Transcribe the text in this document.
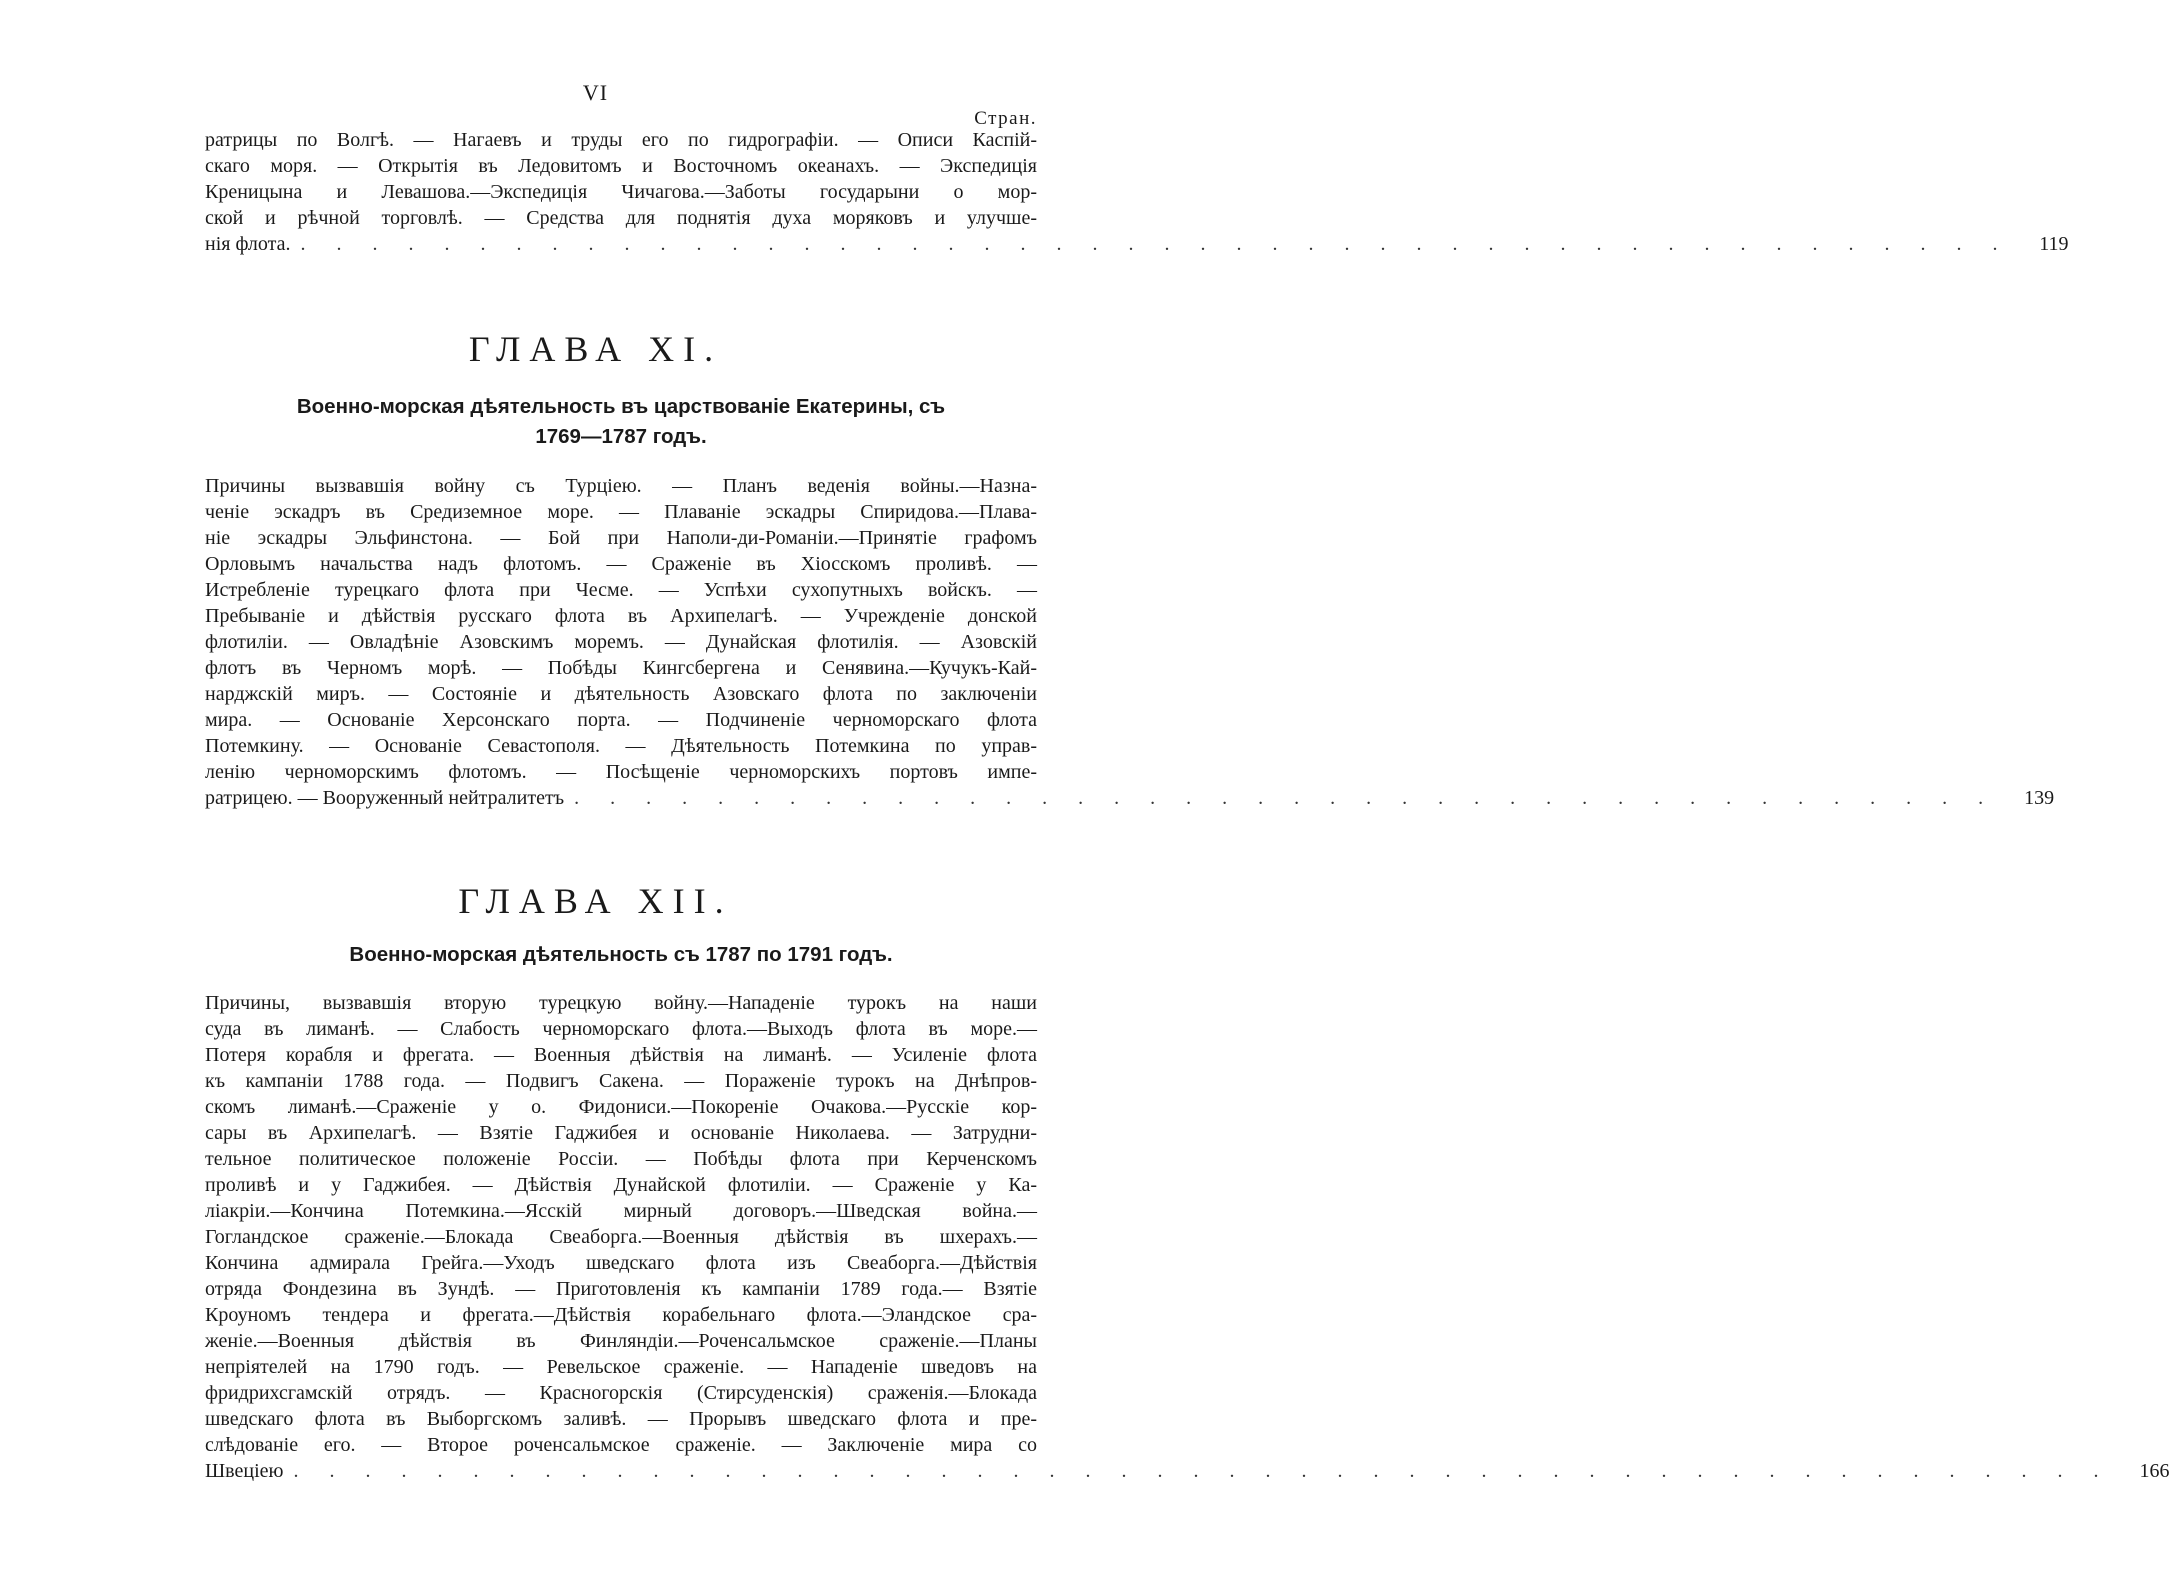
VI
Стран.
ратрицы по Волгѣ. — Нагаевъ и труды его по гидрографіи. — Описи Каспій-
скаго моря. — Открытія въ Ледовитомъ и Восточномъ океанахъ. — Экспедиція
Креницына и Левашова.—Экспедиція Чичагова.—Заботы государыни о мор-
ской и рѣчной торговлѣ. — Средства для поднятія духа моряковъ и улучше-
нія флота. . . . . . . . . . . . . . . . . . . . . . . . . . . . . . . . . . . . . . . . . . . . . . . . .	119
ГЛАВА XI.
Военно-морская дѣятельность въ царствованіе Екатерины, съ
1769—1787 годъ.
Причины вызвавшія войну съ Турціею. — Планъ веденія войны.—Назна-
ченіе эскадръ въ Средиземное море. — Плаваніе эскадры Спиридова.—Плава-
ніе эскадры Эльфинстона. — Бой при Наполи-ди-Романіи.—Принятіе графомъ
Орловымъ начальства надъ флотомъ. — Сраженіе въ Хіосскомъ проливѣ. —
Истребленіе турецкаго флота при Чесме. — Успѣхи сухопутныхъ войскъ. —
Пребываніе и дѣйствія русскаго флота въ Архипелагѣ. — Учрежденіе донской
флотиліи. — Овладѣніе Азовскимъ моремъ. — Дунайская флотилія. — Азовскій
флотъ въ Черномъ морѣ. — Побѣды Кингсбергена и Сенявина.—Кучукъ-Кай-
нарджскій миръ. — Состояніе и дѣятельность Азовскаго флота по заключеніи
мира. — Основаніе Херсонскаго порта. — Подчиненіе черноморскаго флота
Потемкину. — Основаніе Севастополя. — Дѣятельность Потемкина по управ-
ленію черноморскимъ флотомъ. — Посѣщеніе черноморскихъ портовъ импе-
ратрицею. — Вооруженный нейтралитетъ . . . . . . . . . . . . . . . . . . . . . . . . . . . . . . . . . . . . . . . .	139
ГЛАВА XII.
Военно-морская дѣятельность съ 1787 по 1791 годъ.
Причины, вызвавшія вторую турецкую войну.—Нападеніе турокъ на наши
суда въ лиманѣ. — Слабость черноморскаго флота.—Выходъ флота въ море.—
Потеря корабля и фрегата. — Военныя дѣйствія на лиманѣ. — Усиленіе флота
къ кампаніи 1788 года. — Подвигъ Сакена. — Пораженіе турокъ на Днѣпров-
скомъ лиманѣ.—Сраженіе у о. Фидониси.—Покореніе Очакова.—Русскіе кор-
сары въ Архипелагѣ. — Взятіе Гаджибея и основаніе Николаева. — Затрудни-
тельное политическое положеніе Россіи. — Побѣды флота при Керченскомъ
проливѣ и у Гаджибея. — Дѣйствія Дунайской флотиліи. — Сраженіе у Ка-
ліакріи.—Кончина Потемкина.—Ясскій мирный договоръ.—Шведская война.—
Гогландское сраженіе.—Блокада Свеаборга.—Военныя дѣйствія въ шхерахъ.—
Кончина адмирала Грейга.—Уходъ шведскаго флота изъ Свеаборга.—Дѣйствія
отряда Фондезина въ Зундѣ. — Приготовленія къ кампаніи 1789 года.— Взятіе
Кроуномъ тендера и фрегата.—Дѣйствія корабельнаго флота.—Эландское сра-
женіе.—Военныя дѣйствія въ Финляндіи.—Роченсальмское сраженіе.—Планы
непріятелей на 1790 годъ. — Ревельское сраженіе. — Нападеніе шведовъ на
фридрихсгамскій отрядъ. — Красногорскія (Стирсуденскія) сраженія.—Блокада
шведскаго флота въ Выборгскомъ заливѣ. — Прорывъ шведскаго флота и пре-
слѣдованіе его. — Второе роченсальмское сраженіе. — Заключеніе мира со
Швеціею . . . . . . . . . . . . . . . . . . . . . . . . . . . . . . . . . . . . . . . . . . . . . . . . . . .	166
